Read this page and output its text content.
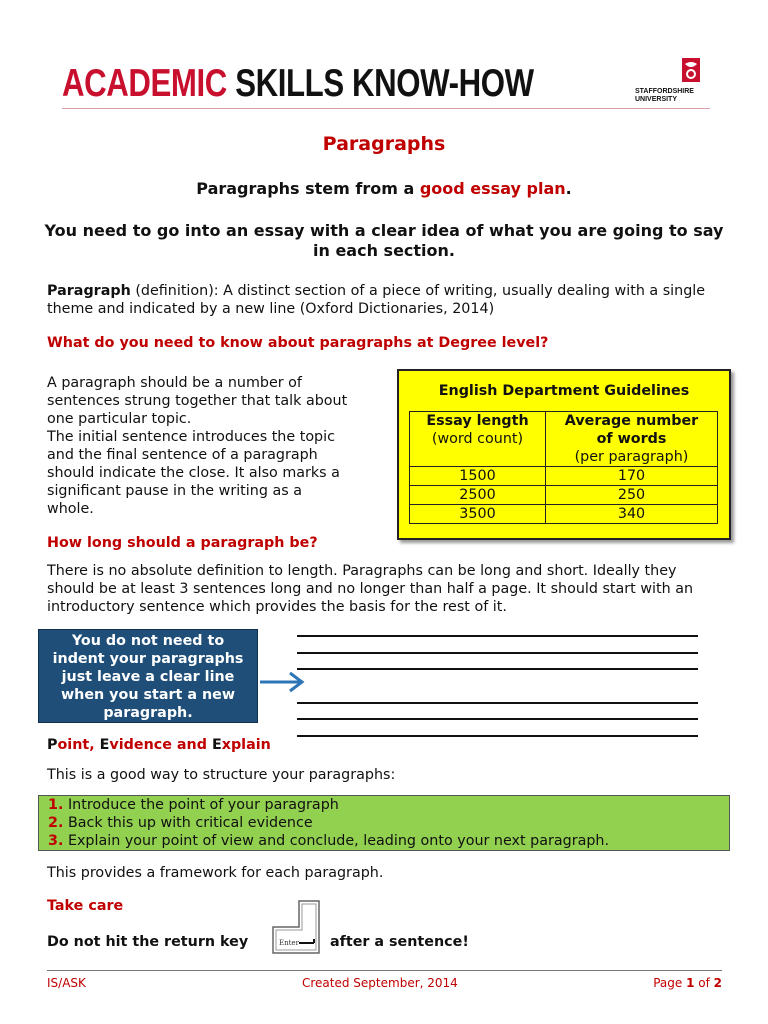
ACADEMIC SKILLS KNOW-HOW	STAFFORDSHIRE
UNIVERSITY
Paragraphs
Paragraphs stem from a good essay plan.
You need to go into an essay with a clear idea of what you are going to say in each section.
Paragraph (definition): A distinct section of a piece of writing, usually dealing with a single theme and indicated by a new line (Oxford Dictionaries, 2014)
What do you need to know about paragraphs at Degree level?
A paragraph should be a number of
sentences strung together that talk about
one particular topic.
The initial sentence introduces the topic
and the final sentence of a paragraph
should indicate the close. It also marks a
significant pause in the writing as a
whole.
English Department Guidelines
Essay length
(word count)	Average number
of words
(per paragraph)
1500	170
2500	250
3500	340
How long should a paragraph be?
There is no absolute definition to length. Paragraphs can be long and short. Ideally they should be at least 3 sentences long and no longer than half a page. It should start with an introductory sentence which provides the basis for the rest of it.
You do not need to
indent your paragraphs
just leave a clear line
when you start a new
paragraph.
Point, Evidence and Explain
This is a good way to structure your paragraphs:
1. Introduce the point of your paragraph
2. Back this up with critical evidence
3. Explain your point of view and conclude, leading onto your next paragraph.
This provides a framework for each paragraph.
Take care
Do not hit the return key	Enter after a sentence!
IS/ASK	Created September, 2014	Page 1 of 2
